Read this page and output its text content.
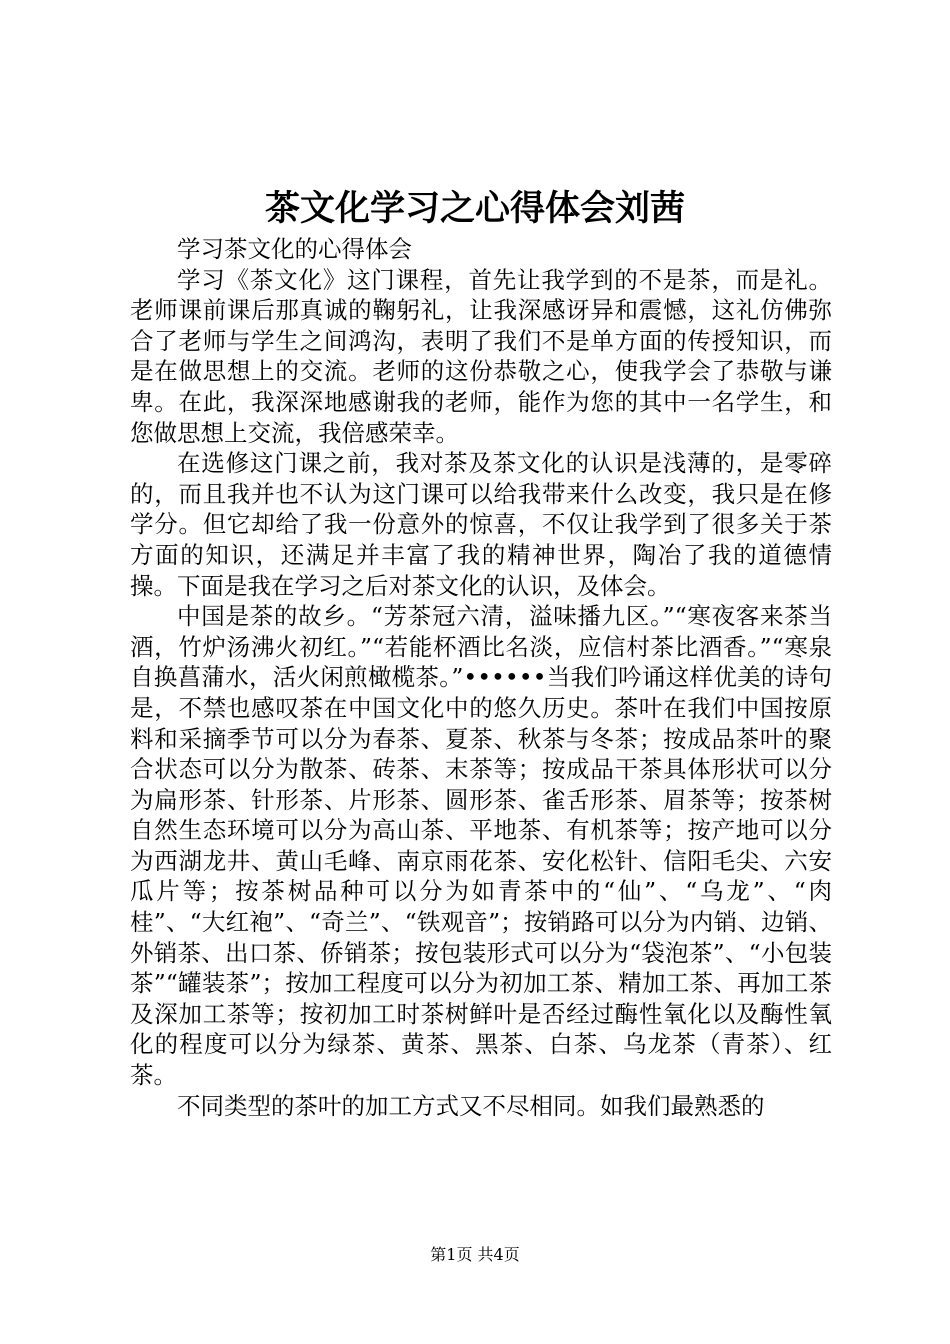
茶文化学习之心得体会刘茜

学习茶文化的心得体会

学习《茶文化》这门课程，首先让我学到的不是茶，而是礼。老师课前课后那真诚的鞠躬礼，让我深感讶异和震憾，这礼仿佛弥合了老师与学生之间鸿沟，表明了我们不是单方面的传授知识，而是在做思想上的交流。老师的这份恭敬之心，使我学会了恭敬与谦卑。在此，我深深地感谢我的老师，能作为您的其中一名学生，和您做思想上交流，我倍感荣幸。

在选修这门课之前，我对茶及茶文化的认识是浅薄的，是零碎的，而且我并也不认为这门课可以给我带来什么改变，我只是在修学分。但它却给了我一份意外的惊喜，不仅让我学到了很多关于茶方面的知识，还满足并丰富了我的精神世界，陶冶了我的道德情操。下面是我在学习之后对茶文化的认识，及体会。

中国是茶的故乡。“芳茶冠六清，溢味播九区。”“寒夜客来茶当酒，竹炉汤沸火初红。”“若能杯酒比名淡，应信村茶比酒香。”“寒泉自换菖蒲水，活火闲煎橄榄茶。”••••••当我们吟诵这样优美的诗句是，不禁也感叹茶在中国文化中的悠久历史。茶叶在我们中国按原料和采摘季节可以分为春茶、夏茶、秋茶与冬茶；按成品茶叶的聚合状态可以分为散茶、砖茶、末茶等；按成品干茶具体形状可以分为扁形茶、针形茶、片形茶、圆形茶、雀舌形茶、眉茶等；按茶树自然生态环境可以分为高山茶、平地茶、有机茶等；按产地可以分为西湖龙井、黄山毛峰、南京雨花茶、安化松针、信阳毛尖、六安瓜片等；按茶树品种可以分为如青茶中的“仙”、“乌龙”、“肉桂”、“大红袍”、“奇兰”、“铁观音”；按销路可以分为内销、边销、外销茶、出口茶、侨销茶；按包装形式可以分为“袋泡茶”、“小包装茶”“罐装茶”；按加工程度可以分为初加工茶、精加工茶、再加工茶及深加工茶等；按初加工时茶树鲜叶是否经过酶性氧化以及酶性氧化的程度可以分为绿茶、黄茶、黑茶、白茶、乌龙茶（青茶）、红茶。

不同类型的茶叶的加工方式又不尽相同。如我们最熟悉的

第1页 共4页
